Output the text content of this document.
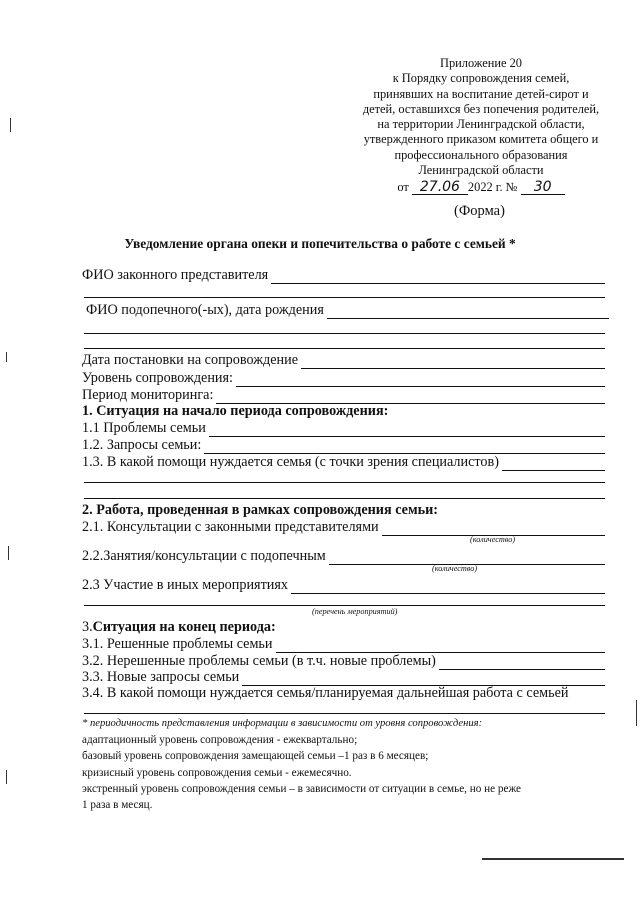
Приложение 20
к Порядку сопровождения семей,
принявших на воспитание детей-сирот и
детей, оставшихся без попечения родителей,
на территории Ленинградской области,
утвержденного приказом комитета общего и
профессионального образования
Ленинградской области
от 27.06 2022 г. № 30
(Форма)
Уведомление органа опеки и попечительства о работе с семьей *
ФИО законного представителя
ФИО подопечного(-ых), дата рождения
Дата постановки на сопровождение
Уровень сопровождения:
Период мониторинга:
1. Ситуация на начало периода сопровождения:
1.1 Проблемы семьи
1.2. Запросы семьи:
1.3. В какой помощи нуждается семья (с точки зрения специалистов)
2. Работа, проведенная в рамках сопровождения семьи:
2.1. Консультации с законными представителями
(количество)
2.2.Занятия/консультации с подопечным
(количество)
2.3 Участие в иных мероприятиях
(перечень мероприятий)
3. Ситуация на конец периода:
3.1. Решенные проблемы семьи
3.2. Нерешенные проблемы семьи (в т.ч. новые проблемы)
3.3. Новые запросы семьи
3.4. В какой помощи нуждается семья/планируемая дальнейшая работа с семьей
* периодичность представления информации в зависимости от уровня сопровождения:
адаптационный уровень сопровождения - ежеквартально;
базовый уровень сопровождения замещающей семьи –1 раз в 6 месяцев;
кризисный уровень сопровождения семьи - ежемесячно.
экстренный уровень сопровождения семьи – в зависимости от ситуации в семье, но не реже
1 раза в месяц.
